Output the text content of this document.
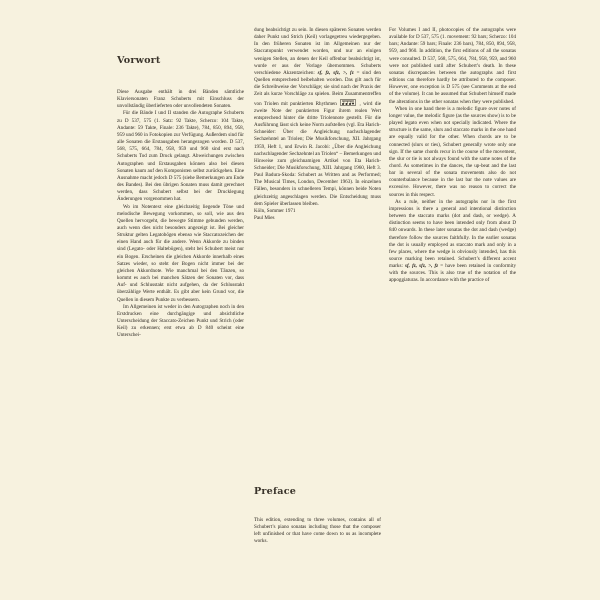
Vorwort

Diese Ausgabe enthält in drei Bänden sämtliche Klaviersonaten Franz Schuberts mit Einschluss der unvollständig überlieferten oder unvollendeten Sonaten.

Für die Bände I und II standen die Autographe Schuberts zu D 537, 575 (1. Satz: 92 Takte, Scherzo: 104 Takte, Andante: 59 Takte, Finale: 236 Takte), 784, 850, 894, 958, 959 und 960 in Fotokopien zur Verfügung. Außerdem sind für alle Sonaten die Erstausgaben herangezogen worden. D 537, 568, 575, 664, 784, 958, 959 und 960 sind erst nach Schuberts Tod zum Druck gelangt. Abweichungen zwischen Autographen und Erstausgaben können also bei diesen Sonaten kaum auf den Komponisten selbst zurückgehen. Eine Ausnahme macht jedoch D 575 (siehe Bemerkungen am Ende des Bandes). Bei den übrigen Sonaten muss damit gerechnet werden, dass Schubert selbst bei der Drucklegung Änderungen vorgenommen hat.

Wo im Notentext eine gleichzeitig liegende Töne und melodische Bewegung vorkommen, so soll, wie aus den Quellen hervorgeht, die bewegte Stimme gebunden werden, auch wenn dies nicht besonders angezeigt ist. Bei gleicher Struktur gelten Legatobögen ebenso wie Staccatozeichen der einen Hand auch für die andere. Wenn Akkorde zu binden sind (Legato- oder Haltebögen), steht bei Schubert meist nur ein Bogen. Erscheinen die gleichen Akkorde innerhalb eines Satzes wieder, so steht der Bogen nicht immer bei der gleichen Akkordnote. Wie manchmal bei den Tänzen, so kommt es auch bei manchen Sätzen der Sonaten vor, dass Auf- und Schlusstakt nicht aufgehen, da der Schlusstakt überzählige Werte enthält. Es gibt aber kein Grund vor, die Quellen in diesem Punkte zu verbessern.

Im Allgemeinen ist weder in den Autographen noch in den Erstdrucken eine durchgängige und absichtliche Unterscheidung der Staccato-Zeichen Punkt und Strich (oder Keil) zu erkennen; erst etwa ab D 840 scheint eine Unterschei-

dung beabsichtigt zu sein. In diesen späteren Sonaten werden daher Punkt und Strich (Keil) vorlagegetreu wiedergegeben. In den früheren Sonaten ist im Allgemeinen nur der Staccatopunkt verwendet worden, und nur an einigen wenigen Stellen, an denen der Keil offenbar beabsichtigt ist, wurde er aus der Vorlage übernommen. Schuberts verschiedene Akzentzeichen: sf, fz, sfz, >, fz = sind den Quellen entsprechend beibehalten worden. Das gilt auch für die Schreibweise der Vorschläge; sie sind nach der Praxis der Zeit als kurze Vorschläge zu spielen. Beim Zusammentreffen von Triolen mit punktierten Rhythmen	, wird die zweite Note der punktierten Figur ihrem realen Wert entsprechend hinter die dritte Triolennote gestellt. Für die Ausführung lässt sich keine Norm aufstellen (vgl. Eta Harich-Schneider: Über die Angleichung nachschlagender Sechzehntel an Triolen; Die Musikforschung, XII. Jahrgang 1959, Heft 1, und Erwin R. Jacobi: „Über die Angleichung nachschlagender Sechzehntel an Triolen“ – Bemerkungen und Hinweise zum gleichnamigen Artikel von Eta Harich-Schneider; Die Musikforschung, XIII. Jahrgang 1960, Heft 3. Paul Badura-Skoda: Schubert as Written and as Performed; The Musical Times, London, December 1963). In einzelnen Fällen, besonders in schnelleren Tempi, können beide Noten gleichzeitig angeschlagen werden. Die Entscheidung muss dem Spieler überlassen bleiben.

Köln, Sommer 1971

Paul Mies

Preface

This edition, extending to three volumes, contains all of Schubert’s piano sonatas including those that the composer left unfinished or that have come down to us as incomplete works.

For Volumes I and II, photocopies of the autographs were available for D 537, 575 (1. movement: 92 bars; Scherzo: 104 bars; Andante: 59 bars; Finale: 236 bars), 784, 850, 894, 958, 959, and 960. In addition, the first editions of all the sonatas were consulted. D 537, 568, 575, 664, 784, 958, 959, and 960 were not published until after Schubert’s death. In these sonatas discrepancies between the autographs and first editions can therefore hardly be attributed to the composer. However, one exception is D 575 (see Comments at the end of the volume). It can be assumed that Schubert himself made the alterations in the other sonatas when they were published.

When in one hand there is a melodic figure over notes of longer value, the melodic figure (as the sources show) is to be played legato even when not specially indicated. Where the structure is the same, slurs and staccato marks in the one hand are equally valid for the other. When chords are to be connected (slurs or ties), Schubert generally wrote only one sign. If the same chords recur in the course of the movement, the slur or tie is not always found with the same notes of the chord. As sometimes in the dances, the up-beat and the last bar in several of the sonata movements also do not counterbalance because in the last bar the note values are excessive. However, there was no reason to correct the sources in this respect.

As a rule, neither in the autographs nor in the first impressions is there a general and intentional distinction between the staccato marks (dot and dash, or wedge). A distinction seems to have been intended only from about D 840 onwards. In these later sonatas the dot and dash (wedge) therefore follow the sources faithfully. In the earlier sonatas the dot is usually employed as staccato mark and only in a few places, where the wedge is obviously intended, has this source marking been retained. Schubert’s different accent marks: sf, fz, sfz, >, fz = have been retained in conformity with the sources. This is also true of the notation of the appoggiaturas. In accordance with the practice of
